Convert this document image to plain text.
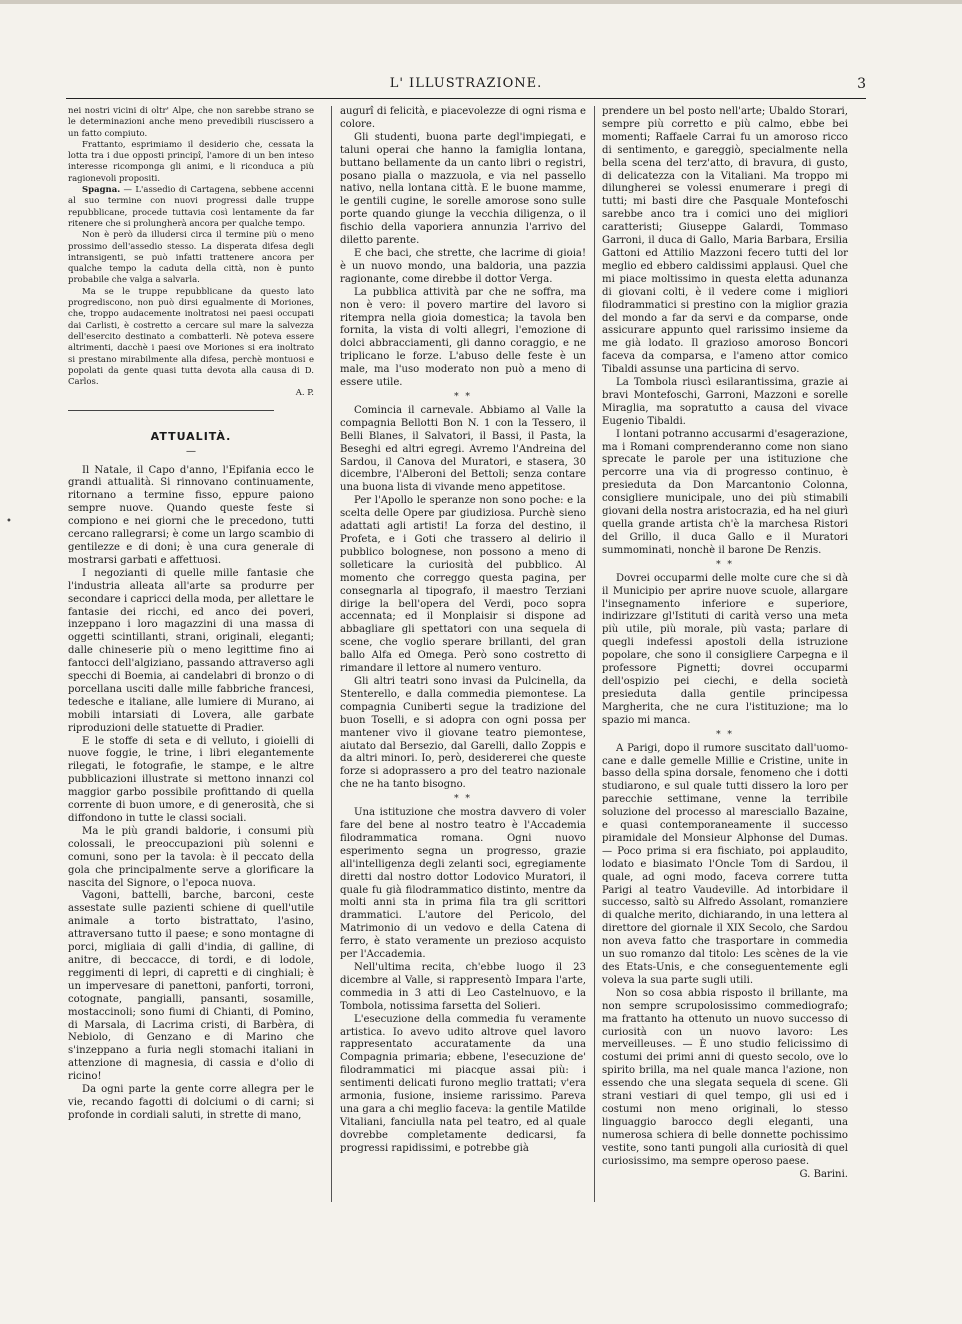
L' ILLUSTRAZIONE.	3
•

nei nostri vicini di oltr' Alpe, che non sarebbe strano se le determinazioni anche meno prevedibili riuscissero a un fatto compiuto.

Frattanto, esprimiamo il desiderio che, cessata la lotta tra i due opposti principî, l'amore di un ben inteso interesse ricomponga gli animi, e li riconduca a più ragionevoli propositi.

Spagna. — L'assedio di Cartagena, sebbene accenni al suo termine con nuovi progressi dalle truppe repubblicane, procede tuttavia così lentamente da far ritenere che si prolungherà ancora per qualche tempo.

Non è però da illudersi circa il termine più o meno prossimo dell'assedio stesso. La disperata difesa degli intransigenti, se può infatti trattenere ancora per qualche tempo la caduta della città, non è punto probabile che valga a salvarla.

Ma se le truppe repubblicane da questo lato progrediscono, non può dirsi egualmente di Moriones, che, troppo audacemente inoltratosi nei paesi occupati dai Carlisti, è costretto a cercare sul mare la salvezza dell'esercito destinato a combatterli. Nè poteva essere altrimenti, dacchè i paesi ove Moriones si era inoltrato si prestano mirabilmente alla difesa, perchè montuosi e popolati da gente quasi tutta devota alla causa di D. Carlos.

A. P.

ATTUALITÀ.
—

Il Natale, il Capo d'anno, l'Epifania ecco le grandi attualità. Si rinnovano continuamente, ritornano a termine fisso, eppure paiono sempre nuove. Quando queste feste si compiono e nei giorni che le precedono, tutti cercano rallegrarsi; è come un largo scambio di gentilezze e di doni; è una cura generale di mostrarsi garbati e affettuosi.

I negozianti di quelle mille fantasie che l'industria alleata all'arte sa produrre per secondare i capricci della moda, per allettare le fantasie dei ricchi, ed anco dei poveri, inzeppano i loro magazzini di una massa di oggetti scintillanti, strani, originali, eleganti; dalle chineserie più o meno legittime fino ai fantocci dell'algiziano, passando attraverso agli specchi di Boemia, ai candelabri di bronzo o di porcellana usciti dalle mille fabbriche francesi, tedesche e italiane, alle lumiere di Murano, ai mobili intarsiati di Lovera, alle garbate riproduzioni delle statuette di Pradier.

E le stoffe di seta e di velluto, i gioielli di nuove foggie, le trine, i libri elegantemente rilegati, le fotografie, le stampe, e le altre pubblicazioni illustrate si mettono innanzi col maggior garbo possibile profittando di quella corrente di buon umore, e di generosità, che si diffondono in tutte le classi sociali.

Ma le più grandi baldorie, i consumi più colossali, le preoccupazioni più solenni e comuni, sono per la tavola: è il peccato della gola che principalmente serve a glorificare la nascita del Signore, o l'epoca nuova.

Vagoni, battelli, barche, barconi, ceste assestate sulle pazienti schiene di quell'utile animale a torto bistrattato, l'asino, attraversano tutto il paese; e sono montagne di porci, migliaia di galli d'india, di galline, di anitre, di beccacce, di tordi, e di lodole, reggimenti di lepri, di capretti e di cinghiali; è un impervesare di panettoni, panforti, torroni, cotognate, pangialli, pansanti, sosamille, mostaccinoli; sono fiumi di Chianti, di Pomino, di Marsala, di Lacrima cristi, di Barbèra, di Nebiolo, di Genzano e di Marino che s'inzeppano a furia negli stomachi italiani in attenzione di magnesia, di cassia e d'olio di ricino!

Da ogni parte la gente corre allegra per le vie, recando fagotti di dolciumi o di carni; si profonde in cordiali saluti, in strette di mano,

augurî di felicità, e piacevolezze di ogni risma e colore.

Gli studenti, buona parte degl'impiegati, e taluni operai che hanno la famiglia lontana, buttano bellamente da un canto libri o registri, posano pialla o mazzuola, e via nel passello nativo, nella lontana città. E le buone mamme, le gentili cugine, le sorelle amorose sono sulle porte quando giunge la vecchia diligenza, o il fischio della vaporiera annunzia l'arrivo del diletto parente.

E che baci, che strette, che lacrime di gioia! è un nuovo mondo, una baldoria, una pazzia ragionante, come direbbe il dottor Verga.

La pubblica attività par che ne soffra, ma non è vero: il povero martire del lavoro si ritempra nella gioia domestica; la tavola ben fornita, la vista di volti allegri, l'emozione di dolci abbracciamenti, gli danno coraggio, e ne triplicano le forze. L'abuso delle feste è un male, ma l'uso moderato non può a meno di essere utile.

* *

Comincia il carnevale. Abbiamo al Valle la compagnia Bellotti Bon N. 1 con la Tessero, il Belli Blanes, il Salvatori, il Bassi, il Pasta, la Beseghi ed altri egregi. Avremo l'Andreina del Sardou, il Canova del Muratori, e stasera, 30 dicembre, l'Alberoni del Bettoli; senza contare una buona lista di vivande meno appetitose.

Per l'Apollo le speranze non sono poche: e la scelta delle Opere par giudiziosa. Purchè sieno adattati agli artisti! La forza del destino, il Profeta, e i Goti che trassero al delirio il pubblico bolognese, non possono a meno di solleticare la curiosità del pubblico. Al momento che correggo questa pagina, per consegnarla al tipografo, il maestro Terziani dirige la bell'opera del Verdi, poco sopra accennata; ed il Monplaisir si dispone ad abbagliare gli spettatori con una sequela di scene, che voglio sperare brillanti, del gran ballo Alfa ed Omega. Però sono costretto di rimandare il lettore al numero venturo.

Gli altri teatri sono invasi da Pulcinella, da Stenterello, e dalla commedia piemontese. La compagnia Cuniberti segue la tradizione del buon Toselli, e si adopra con ogni possa per mantener vivo il giovane teatro piemontese, aiutato dal Bersezio, dal Garelli, dallo Zoppis e da altri minori. Io, però, desidererei che queste forze si adoprassero a pro del teatro nazionale che ne ha tanto bisogno.

* *

Una istituzione che mostra davvero di voler fare del bene al nostro teatro è l'Accademia filodrammatica romana. Ogni nuovo esperimento segna un progresso, grazie all'intelligenza degli zelanti soci, egregiamente diretti dal nostro dottor Lodovico Muratori, il quale fu già filodrammatico distinto, mentre da molti anni sta in prima fila tra gli scrittori drammatici. L'autore del Pericolo, del Matrimonio di un vedovo e della Catena di ferro, è stato veramente un prezioso acquisto per l'Accademia.

Nell'ultima recita, ch'ebbe luogo il 23 dicembre al Valle, si rappresentò Impara l'arte, commedia in 3 atti di Leo Castelnuovo, e la Tombola, notissima farsetta del Solieri.

L'esecuzione della commedia fu veramente artistica. Io avevo udito altrove quel lavoro rappresentato accuratamente da una Compagnia primaria; ebbene, l'esecuzione de' filodrammatici mi piacque assai più: i sentimenti delicati furono meglio trattati; v'era armonia, fusione, insieme rarissimo. Pareva una gara a chi meglio faceva: la gentile Matilde Vitaliani, fanciulla nata pel teatro, ed al quale dovrebbe completamente dedicarsi, fa progressi rapidissimi, e potrebbe già

prendere un bel posto nell'arte; Ubaldo Storari, sempre più corretto e più calmo, ebbe bei momenti; Raffaele Carrai fu un amoroso ricco di sentimento, e gareggiò, specialmente nella bella scena del terz'atto, di bravura, di gusto, di delicatezza con la Vitaliani. Ma troppo mi dilungherei se volessi enumerare i pregi di tutti; mi basti dire che Pasquale Montefoschi sarebbe anco tra i comici uno dei migliori caratteristi; Giuseppe Galardi, Tommaso Garroni, il duca di Gallo, Maria Barbara, Ersilia Gattoni ed Attilio Mazzoni fecero tutti del lor meglio ed ebbero caldissimi applausi. Quel che mi piace moltissimo in questa eletta adunanza di giovani colti, è il vedere come i migliori filodrammatici si prestino con la miglior grazia del mondo a far da servi e da comparse, onde assicurare appunto quel rarissimo insieme da me già lodato. Il grazioso amoroso Boncori faceva da comparsa, e l'ameno attor comico Tibaldi assunse una particina di servo.

La Tombola riuscì esilarantissima, grazie ai bravi Montefoschi, Garroni, Mazzoni e sorelle Miraglia, ma sopratutto a causa del vivace Eugenio Tibaldi.

I lontani potranno accusarmi d'esagerazione, ma i Romani comprenderanno come non siano sprecate le parole per una istituzione che percorre una via di progresso continuo, è presieduta da Don Marcantonio Colonna, consigliere municipale, uno dei più stimabili giovani della nostra aristocrazia, ed ha nel giurì quella grande artista ch'è la marchesa Ristori del Grillo, il duca Gallo e il Muratori summominati, nonchè il barone De Renzis.

* *

Dovrei occuparmi delle molte cure che si dà il Municipio per aprire nuove scuole, allargare l'insegnamento inferiore e superiore, indirizzare gl'Istituti di carità verso una meta più utile, più morale, più vasta; parlare di quegli indefessi apostoli della istruzione popolare, che sono il consigliere Carpegna e il professore Pignetti; dovrei occuparmi dell'ospizio pei ciechi, e della società presieduta dalla gentile principessa Margherita, che ne cura l'istituzione; ma lo spazio mi manca.

* *

A Parigi, dopo il rumore suscitato dall'uomo-cane e dalle gemelle Millie e Cristine, unite in basso della spina dorsale, fenomeno che i dotti studiarono, e sul quale tutti dissero la loro per parecchie settimane, venne la terribile soluzione del processo al maresciallo Bazaine, e quasi contemporaneamente il successo piramidale del Monsieur Alphonse del Dumas. — Poco prima si era fischiato, poi applaudito, lodato e biasimato l'Oncle Tom di Sardou, il quale, ad ogni modo, faceva correre tutta Parigi al teatro Vaudeville. Ad intorbidare il successo, saltò su Alfredo Assolant, romanziere di qualche merito, dichiarando, in una lettera al direttore del giornale il XIX Secolo, che Sardou non aveva fatto che trasportare in commedia un suo romanzo dal titolo: Les scènes de la vie des Etats-Unis, e che conseguentemente egli voleva la sua parte sugli utili.

Non so cosa abbia risposto il brillante, ma non sempre scrupolosissimo commediografo; ma frattanto ha ottenuto un nuovo successo di curiosità con un nuovo lavoro: Les merveilleuses. — È uno studio felicissimo di costumi dei primi anni di questo secolo, ove lo spirito brilla, ma nel quale manca l'azione, non essendo che una slegata sequela di scene. Gli strani vestiari di quel tempo, gli usi ed i costumi non meno originali, lo stesso linguaggio barocco degli eleganti, una numerosa schiera di belle donnette pochissimo vestite, sono tanti pungoli alla curiosità di quel curiosissimo, ma sempre operoso paese.

G. Barini.
